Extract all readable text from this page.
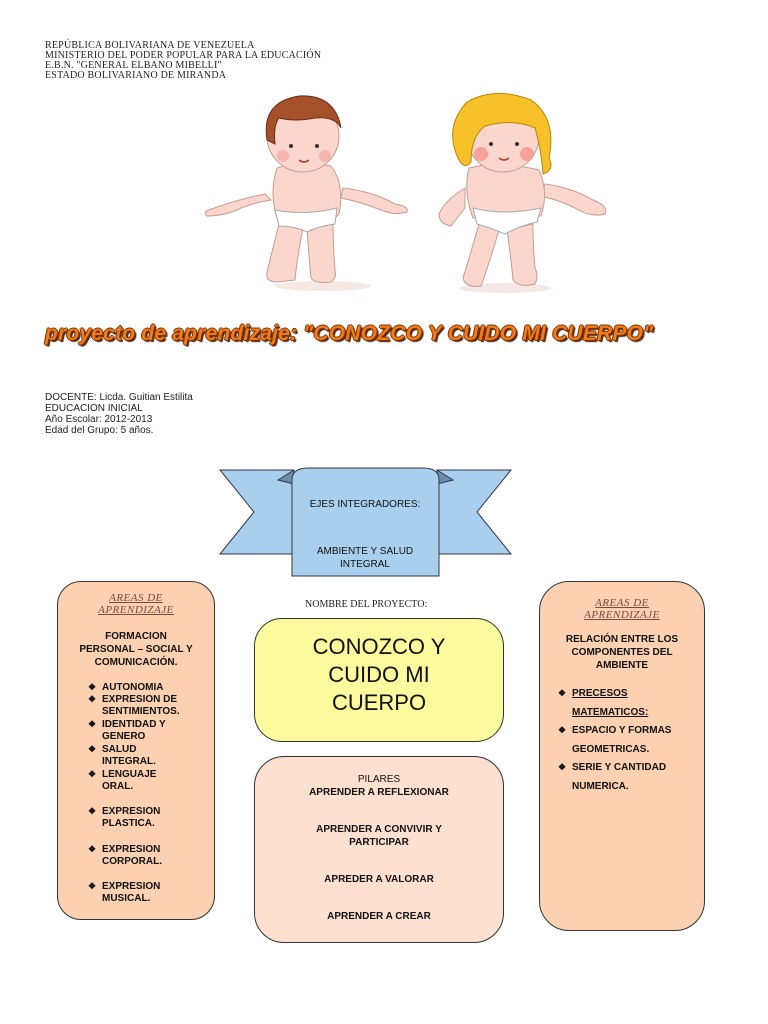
REPÚBLICA BOLIVARIANA DE VENEZUELA
MINISTERIO DEL PODER POPULAR PARA LA EDUCACIÓN
E.B.N. "GENERAL ELBANO MIBELLI"
ESTADO BOLIVARIANO DE MIRANDA
proyecto de aprendizaje: "CONOZCO Y CUIDO MI CUERPO"
DOCENTE: Licda. Guitian Estilita
EDUCACION INICIAL
Año Escolar: 2012-2013
Edad del Grupo: 5 años.
EJES INTEGRADORES:
AMBIENTE Y SALUD
INTEGRAL
AREAS DE
APRENDIZAJE
FORMACION
PERSONAL – SOCIAL Y
COMUNICACIÓN.
❖ AUTONOMIA
❖ EXPRESION DE
SENTIMIENTOS.
❖ IDENTIDAD Y
GENERO
❖ SALUD
INTEGRAL.
❖ LENGUAJE
ORAL.
❖ EXPRESION
PLASTICA.
❖ EXPRESION
CORPORAL.
❖ EXPRESION
MUSICAL.
NOMBRE DEL PROYECTO:
CONOZCO Y
CUIDO MI
CUERPO
PILARES
APRENDER A REFLEXIONAR
APRENDER A CONVIVIR Y
PARTICIPAR
APREDER A VALORAR
APRENDER A CREAR
AREAS DE
APRENDIZAJE
RELACIÓN ENTRE LOS
COMPONENTES DEL
AMBIENTE
❖ PRECESOS
MATEMATICOS:
❖ ESPACIO Y FORMAS
GEOMETRICAS.
❖ SERIE Y CANTIDAD
NUMERICA.
